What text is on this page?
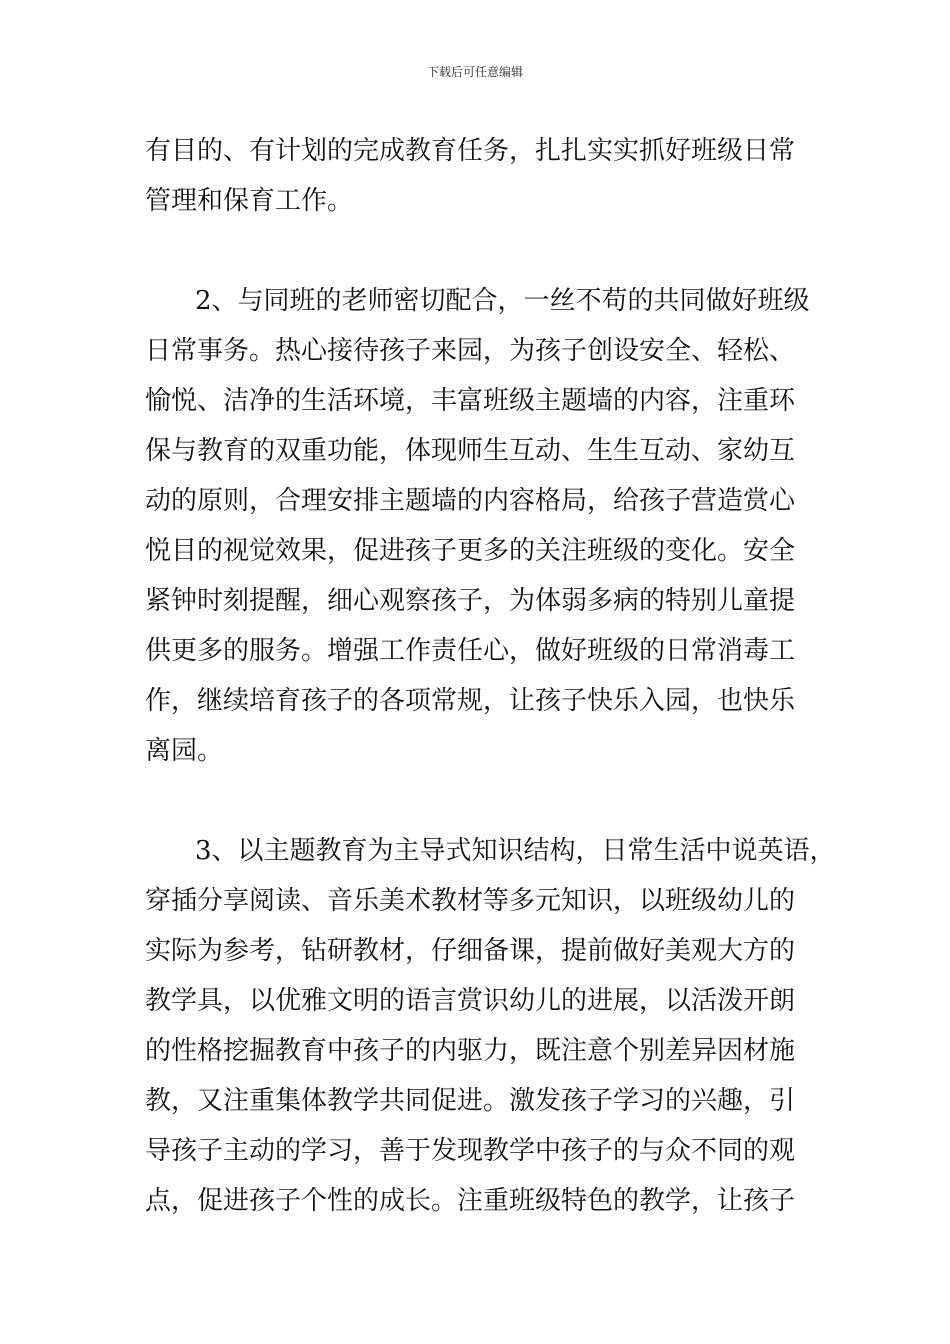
下载后可任意编辑
有目的、有计划的完成教育任务，扎扎实实抓好班级日常
管理和保育工作。
2、与同班的老师密切配合，一丝不苟的共同做好班级
日常事务。热心接待孩子来园，为孩子创设安全、轻松、
愉悦、洁净的生活环境，丰富班级主题墙的内容，注重环
保与教育的双重功能，体现师生互动、生生互动、家幼互
动的原则，合理安排主题墙的内容格局，给孩子营造赏心
悦目的视觉效果，促进孩子更多的关注班级的变化。安全
紧钟时刻提醒，细心观察孩子，为体弱多病的特别儿童提
供更多的服务。增强工作责任心，做好班级的日常消毒工
作，继续培育孩子的各项常规，让孩子快乐入园，也快乐
离园。
3、以主题教育为主导式知识结构，日常生活中说英语，
穿插分享阅读、音乐美术教材等多元知识，以班级幼儿的
实际为参考，钻研教材，仔细备课，提前做好美观大方的
教学具，以优雅文明的语言赏识幼儿的进展，以活泼开朗
的性格挖掘教育中孩子的内驱力，既注意个别差异因材施
教，又注重集体教学共同促进。激发孩子学习的兴趣，引
导孩子主动的学习，善于发现教学中孩子的与众不同的观
点，促进孩子个性的成长。注重班级特色的教学，让孩子
